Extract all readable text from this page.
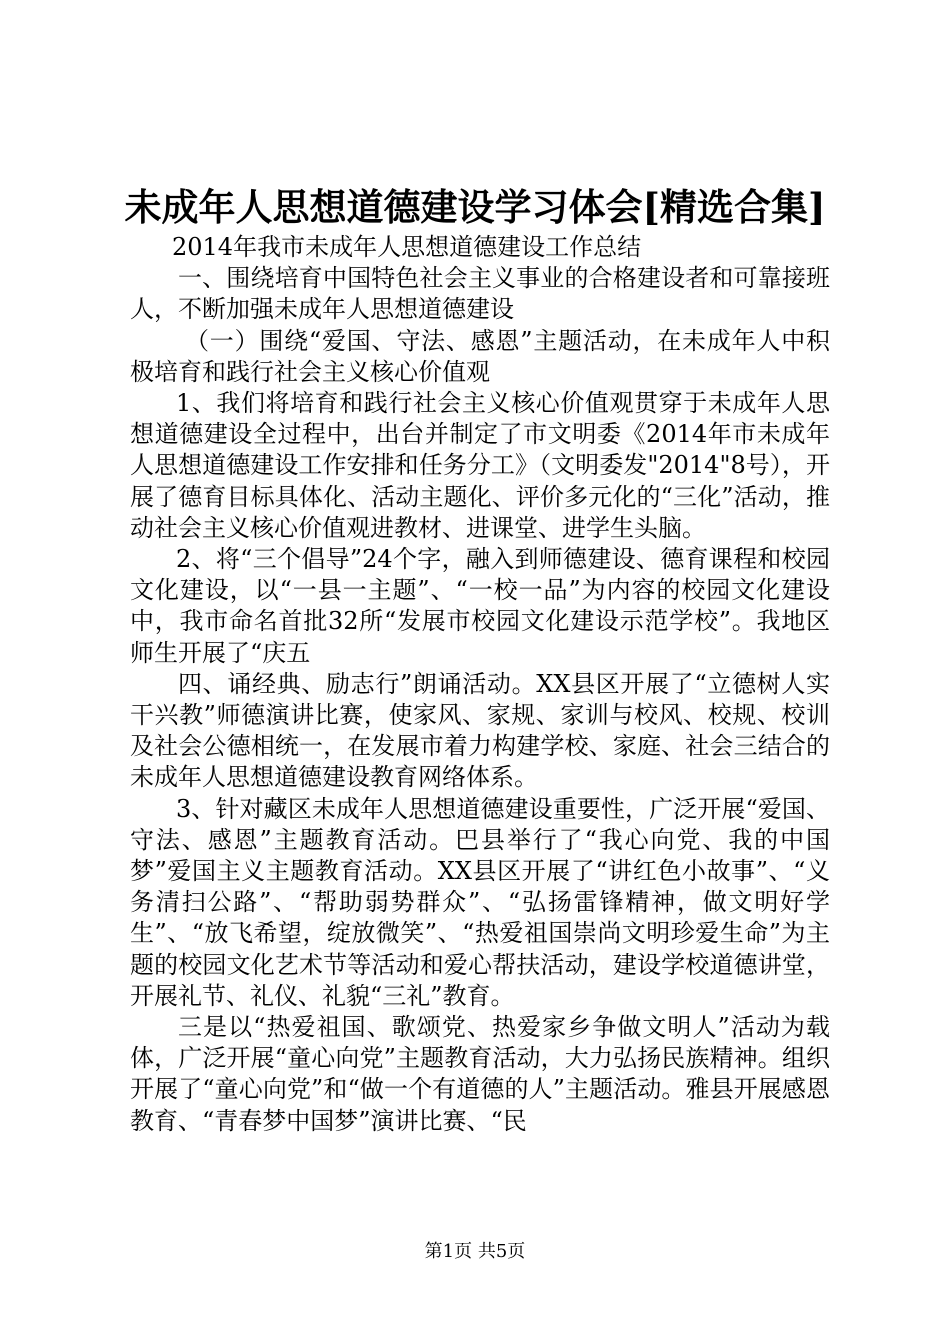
未成年人思想道德建设学习体会[精选合集]

2014年我市未成年人思想道德建设工作总结

一、围绕培育中国特色社会主义事业的合格建设者和可靠接班人，不断加强未成年人思想道德建设

（一）围绕“爱国、守法、感恩”主题活动，在未成年人中积极培育和践行社会主义核心价值观

1、我们将培育和践行社会主义核心价值观贯穿于未成年人思想道德建设全过程中，出台并制定了市文明委《2014年市未成年人思想道德建设工作安排和任务分工》（文明委发"2014"8号），开展了德育目标具体化、活动主题化、评价多元化的“三化”活动，推动社会主义核心价值观进教材、进课堂、进学生头脑。

2、将“三个倡导”24个字，融入到师德建设、德育课程和校园文化建设，以“一县一主题”、“一校一品”为内容的校园文化建设中，我市命名首批32所“发展市校园文化建设示范学校”。我地区师生开展了“庆五

四、诵经典、励志行”朗诵活动。XX县区开展了“立德树人实干兴教”师德演讲比赛，使家风、家规、家训与校风、校规、校训及社会公德相统一，在发展市着力构建学校、家庭、社会三结合的未成年人思想道德建设教育网络体系。

3、针对藏区未成年人思想道德建设重要性，广泛开展“爱国、守法、感恩”主题教育活动。巴县举行了“我心向党、我的中国梦”爱国主义主题教育活动。XX县区开展了“讲红色小故事”、“义务清扫公路”、“帮助弱势群众”、“弘扬雷锋精神，做文明好学生”、“放飞希望，绽放微笑”、“热爱祖国崇尚文明珍爱生命”为主题的校园文化艺术节等活动和爱心帮扶活动，建设学校道德讲堂，开展礼节、礼仪、礼貌“三礼”教育。

三是以“热爱祖国、歌颂党、热爱家乡争做文明人”活动为载体，广泛开展“童心向党”主题教育活动，大力弘扬民族精神。组织开展了“童心向党”和“做一个有道德的人”主题活动。雅县开展感恩教育、“青春梦中国梦”演讲比赛、“民

第1页 共5页
